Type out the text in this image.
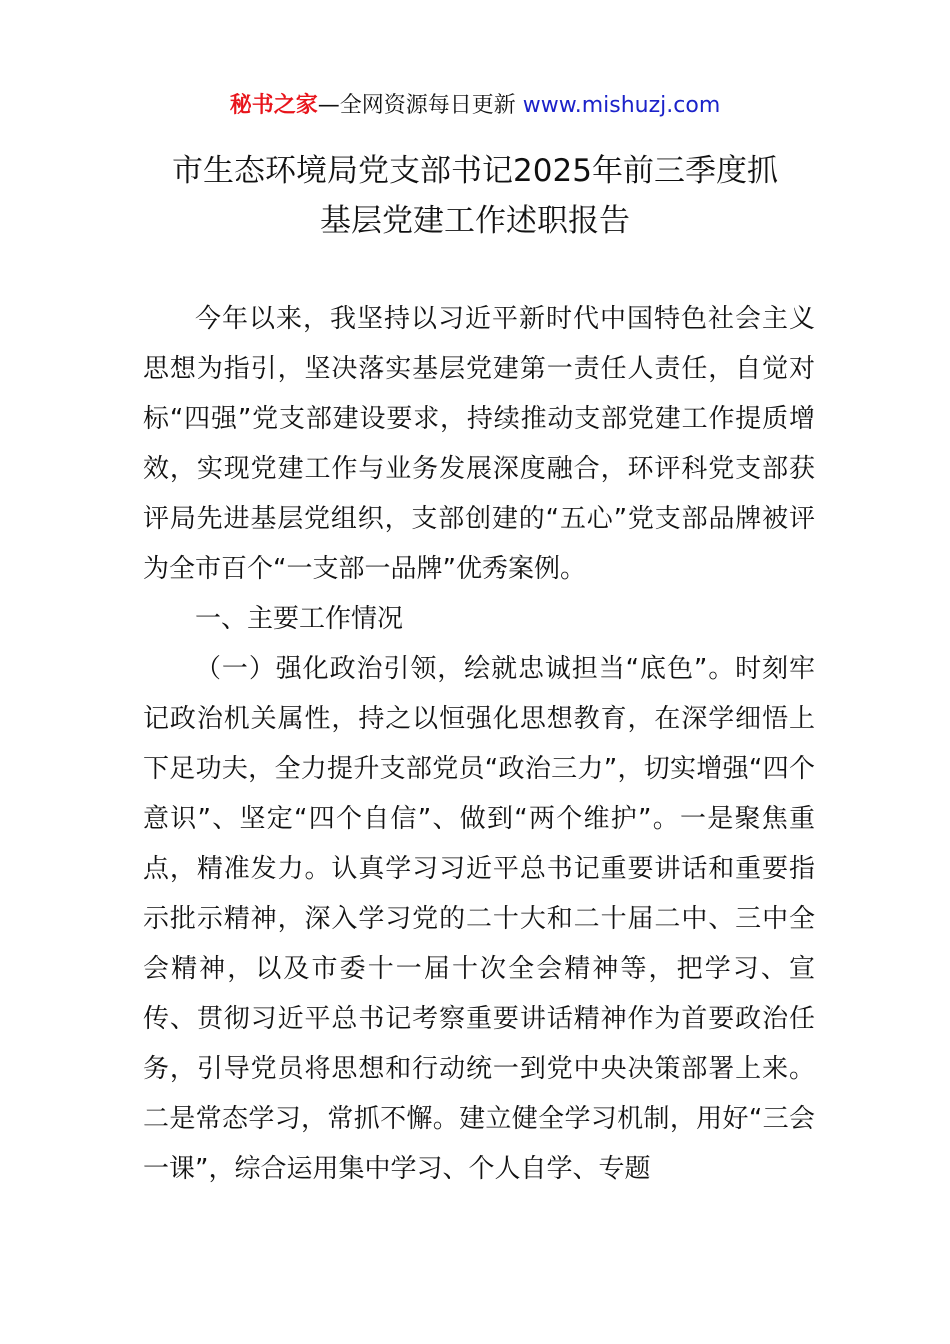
秘书之家—全网资源每日更新 www.mishuzj.com
市生态环境局党支部书记2025年前三季度抓
基层党建工作述职报告

今年以来，我坚持以习近平新时代中国特色社会主义思想为指引，坚决落实基层党建第一责任人责任，自觉对标“四强”党支部建设要求，持续推动支部党建工作提质增效，实现党建工作与业务发展深度融合，环评科党支部获评局先进基层党组织，支部创建的“五心”党支部品牌被评为全市百个“一支部一品牌”优秀案例。

一、主要工作情况

（一）强化政治引领，绘就忠诚担当“底色”。时刻牢记政治机关属性，持之以恒强化思想教育，在深学细悟上下足功夫，全力提升支部党员“政治三力”，切实增强“四个意识”、坚定“四个自信”、做到“两个维护”。一是聚焦重点，精准发力。认真学习习近平总书记重要讲话和重要指示批示精神，深入学习党的二十大和二十届二中、三中全会精神，以及市委十一届十次全会精神等，把学习、宣传、贯彻习近平总书记考察重要讲话精神作为首要政治任务，引导党员将思想和行动统一到党中央决策部署上来。二是常态学习，常抓不懈。建立健全学习机制，用好“三会一课”，综合运用集中学习、个人自学、专题
